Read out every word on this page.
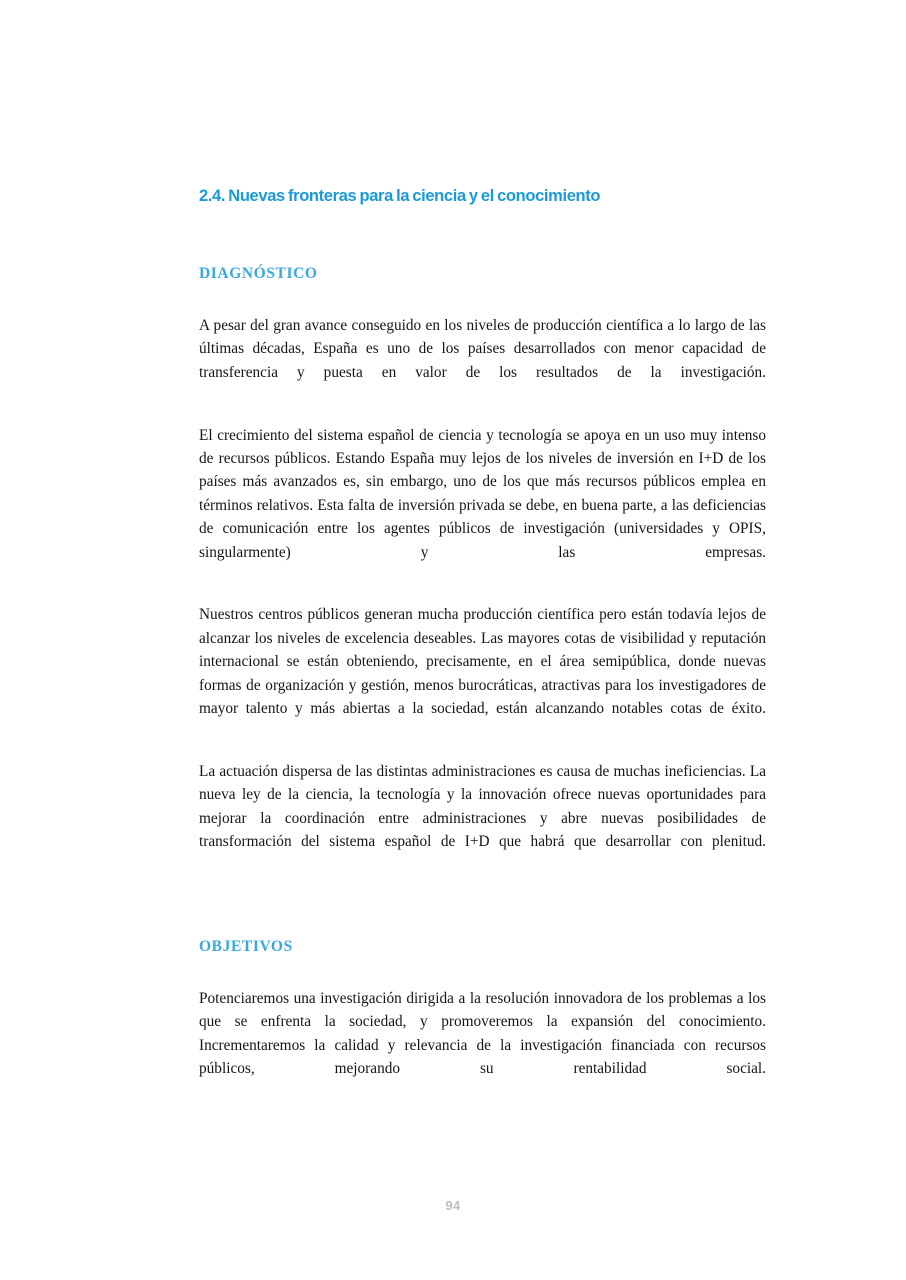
2.4. Nuevas fronteras para la ciencia y el conocimiento
DIAGNÓSTICO

A pesar del gran avance conseguido en los niveles de producción científica a lo largo de las últimas décadas, España es uno de los países desarrollados con menor capacidad de transferencia y puesta en valor de los resultados de la investigación.

El crecimiento del sistema español de ciencia y tecnología se apoya en un uso muy intenso de recursos públicos. Estando España muy lejos de los niveles de inversión en I+D de los países más avanzados es, sin embargo, uno de los que más recursos públicos emplea en términos relativos. Esta falta de inversión privada se debe, en buena parte, a las deficiencias de comunicación entre los agentes públicos de investigación (universidades y OPIS, singularmente) y las empresas.

Nuestros centros públicos generan mucha producción científica pero están todavía lejos de alcanzar los niveles de excelencia deseables. Las mayores cotas de visibilidad y reputación internacional se están obteniendo, precisamente, en el área semipública, donde nuevas formas de organización y gestión, menos burocráticas, atractivas para los investigadores de mayor talento y más abiertas a la sociedad, están alcanzando notables cotas de éxito.

La actuación dispersa de las distintas administraciones es causa de muchas ineficiencias. La nueva ley de la ciencia, la tecnología y la innovación ofrece nuevas oportunidades para mejorar la coordinación entre administraciones y abre nuevas posibilidades de transformación del sistema español de I+D que habrá que desarrollar con plenitud.

OBJETIVOS

Potenciaremos una investigación dirigida a la resolución innovadora de los problemas a los que se enfrenta la sociedad, y promoveremos la expansión del conocimiento. Incrementaremos la calidad y relevancia de la investigación financiada con recursos públicos, mejorando su rentabilidad social.

94
